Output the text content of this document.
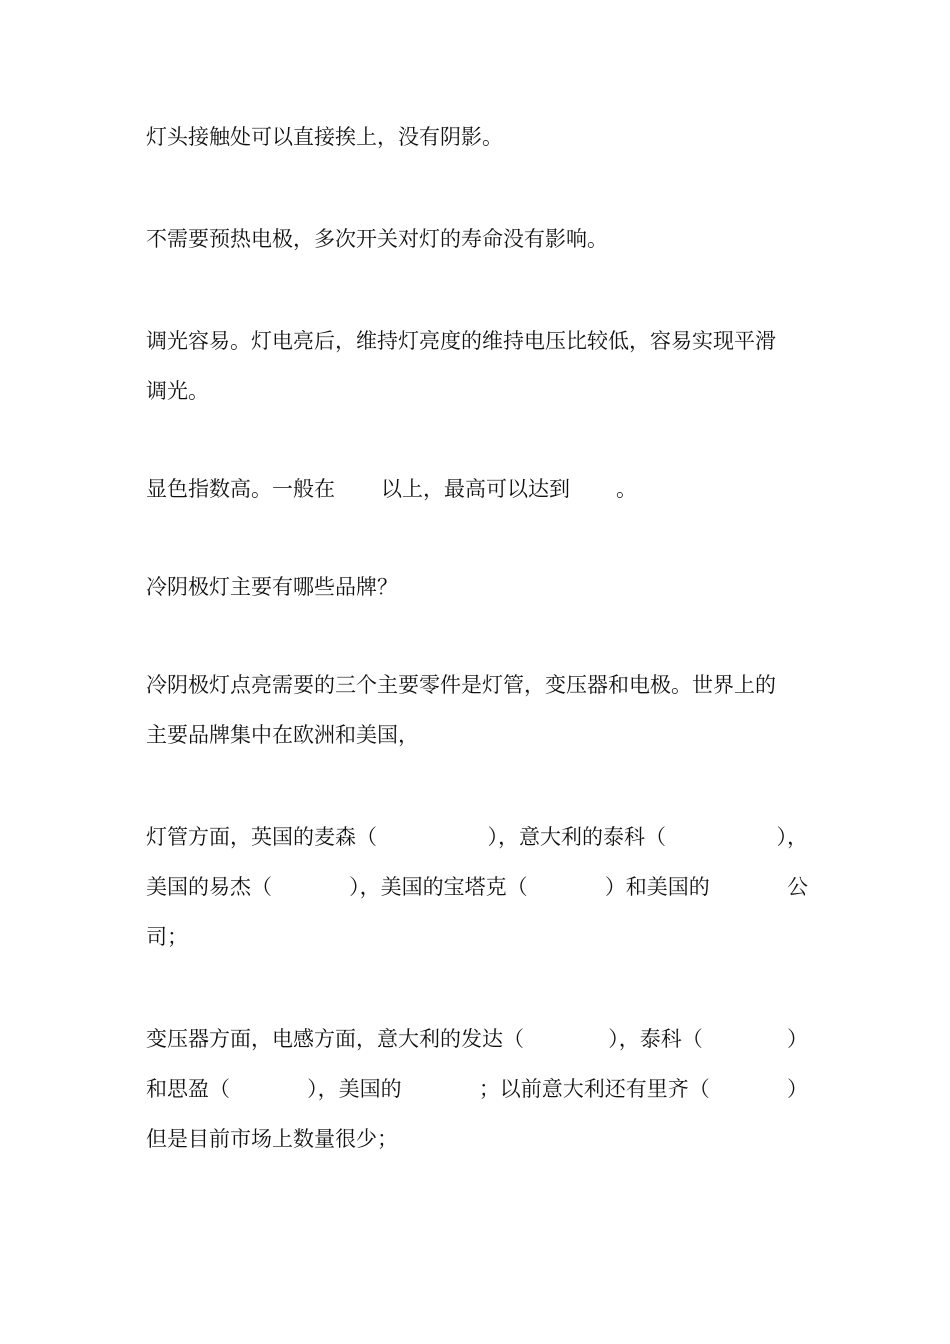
灯头接触处可以直接挨上，没有阴影。

不需要预热电极，多次开关对灯的寿命没有影响。

调光容易。灯电亮后，维持灯亮度的维持电压比较低，容易实现平滑

调光。

显色指数高。一般在 以上，最高可以达到 。

冷阴极灯主要有哪些品牌？

冷阴极灯点亮需要的三个主要零件是灯管，变压器和电极。世界上的

主要品牌集中在欧洲和美国，

灯管方面，英国的麦森（	），意大利的泰科（	），
美国的易杰（	），美国的宝塔克（	）和美国的	公

司；

变压器方面，电感方面，意大利的发达（	），泰科（	）
和思盈（	），美国的	；以前意大利还有里齐（	）

但是目前市场上数量很少；
